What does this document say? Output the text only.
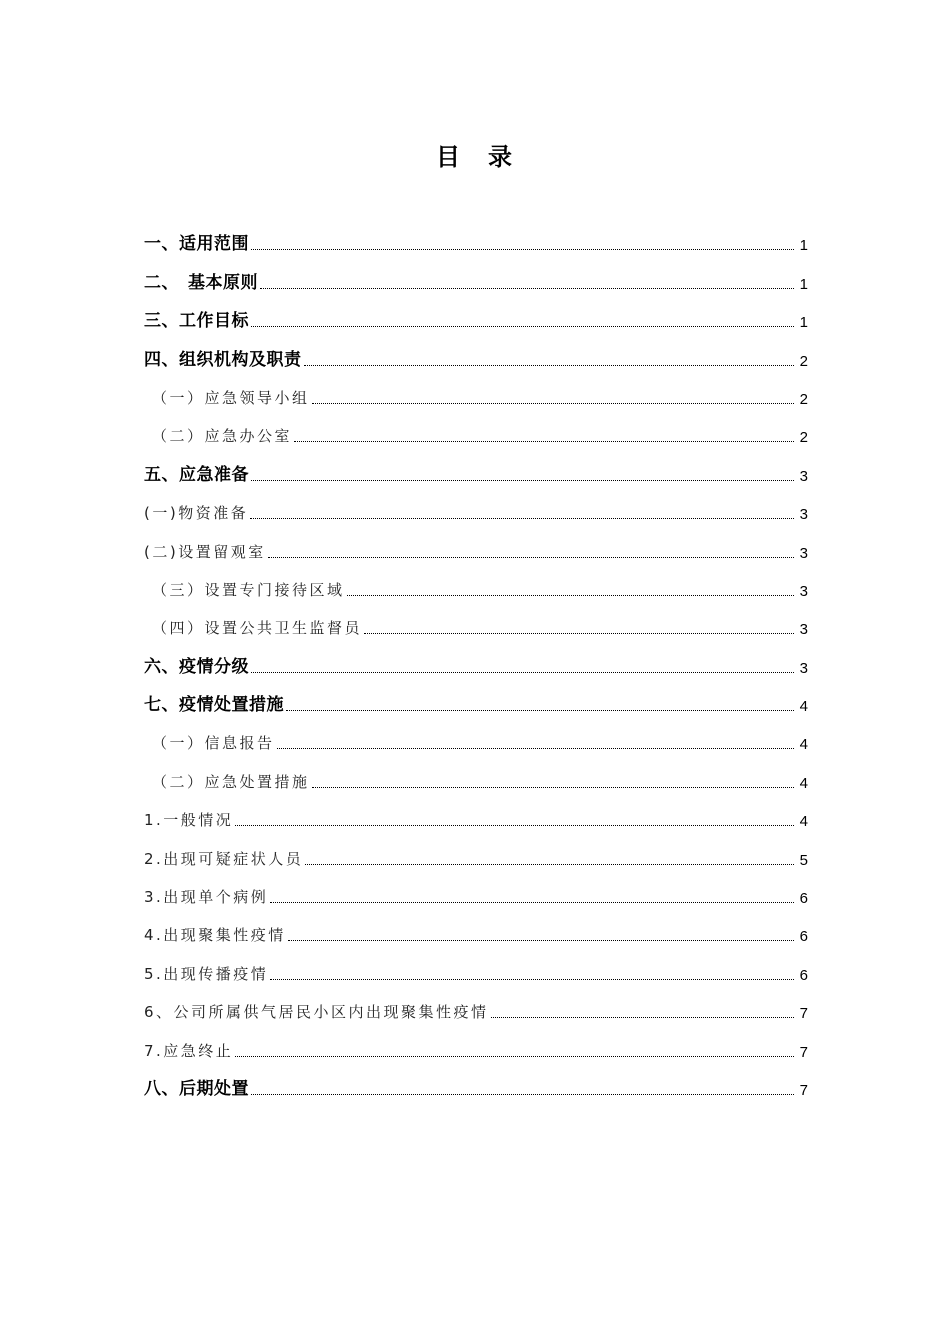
目　录
一、适用范围	1
二、　基本原则	1
三、工作目标	1
四、组织机构及职责	2
（一）应急领导小组	2
（二）应急办公室	2
五、应急准备	3
(一)物资准备	3
(二)设置留观室	3
（三）设置专门接待区域	3
（四）设置公共卫生监督员	3
六、疫情分级	3
七、疫情处置措施	4
（一）信息报告	4
（二）应急处置措施	4
1.一般情况	4
2.出现可疑症状人员	5
3.出现单个病例	6
4.出现聚集性疫情	6
5.出现传播疫情	6
6、公司所属供气居民小区内出现聚集性疫情	7
7.应急终止	7
八、后期处置	7
